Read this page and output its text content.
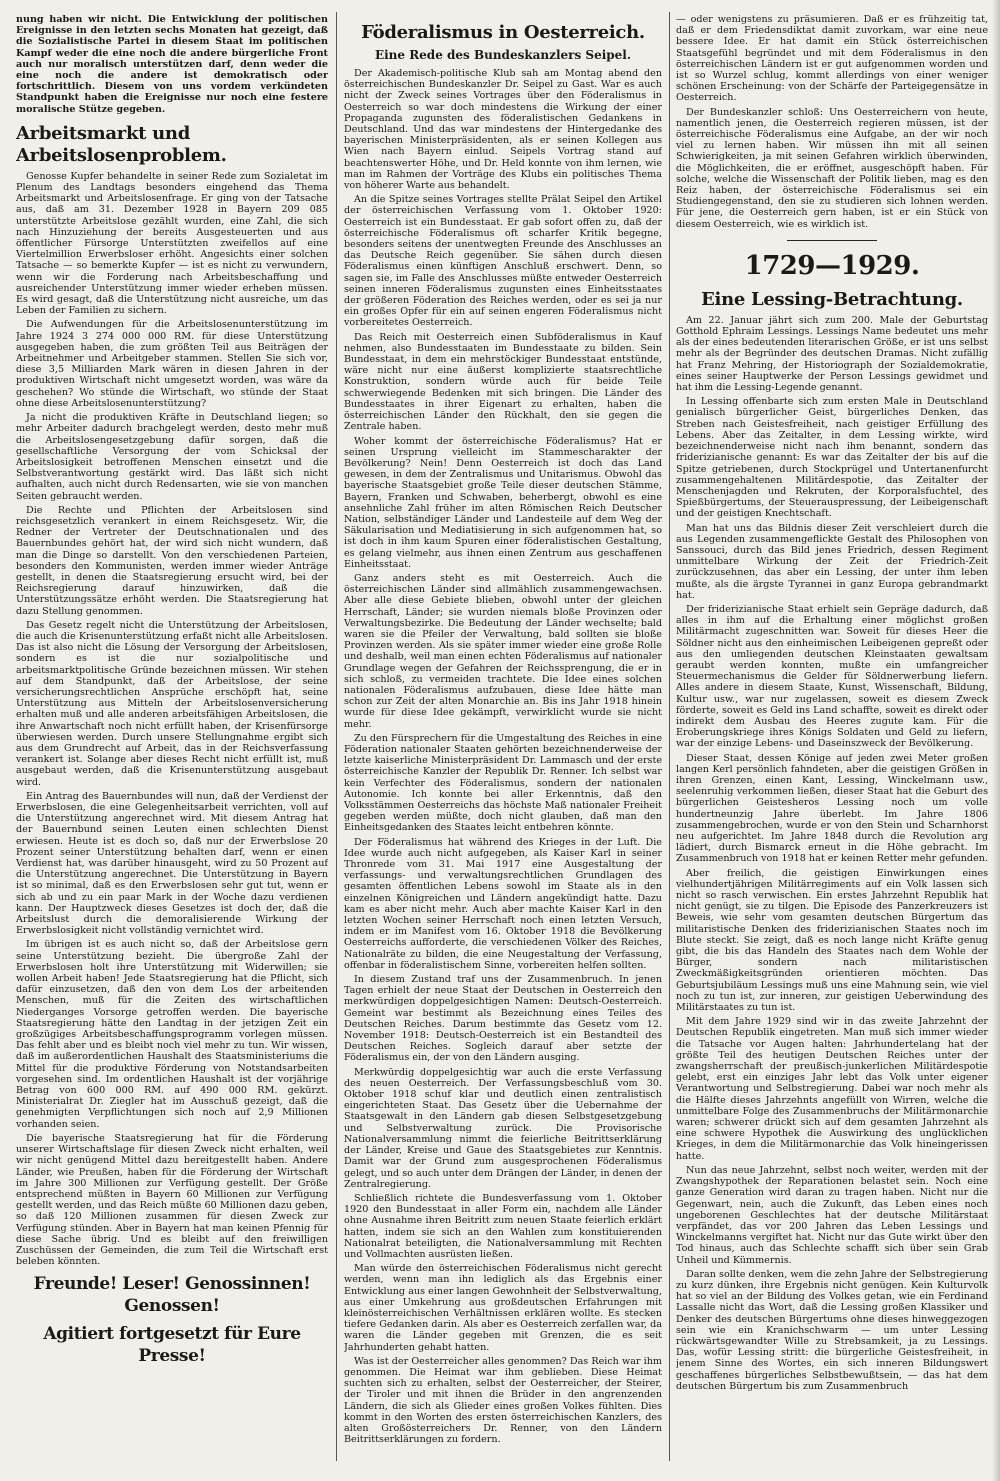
nung haben wir nicht. Die Entwicklung der politischen Ereignisse in den letzten sechs Monaten hat gezeigt, daß die Sozialistische Partei in diesem Staat im politischen Kampf weder die eine noch die andere bürgerliche Front auch nur moralisch unterstützen darf, denn weder die eine noch die andere ist demokratisch oder fortschrittlich. Diesem von uns vordem verkündeten Standpunkt haben die Ereignisse nur noch eine festere moralische Stütze gegeben.

Arbeitsmarkt und Arbeitslosenproblem.

Genosse Kupfer behandelte in seiner Rede zum Sozialetat im Plenum des Landtags besonders eingehend das Thema Arbeitsmarkt und Arbeitslosenfrage. Er ging von der Tatsache aus, daß am 31. Dezember 1928 in Bayern 209 085 unterstützte Arbeitslose gezählt wurden, eine Zahl, die sich nach Hinzuziehung der bereits Ausgesteuerten und aus öffentlicher Fürsorge Unterstützten zweifellos auf eine Viertelmillion Erwerbsloser erhöht. Angesichts einer solchen Tatsache — so bemerkte Kupfer — ist es nicht zu verwundern, wenn wir die Forderung nach Arbeitsbeschaffung und ausreichender Unterstützung immer wieder erheben müssen. Es wird gesagt, daß die Unterstützung nicht ausreiche, um das Leben der Familien zu sichern.

Die Aufwendungen für die Arbeitslosenunterstützung im Jahre 1924 3 274 000 000 RM. für diese Unterstützung ausgegeben haben, die zum größten Teil aus Beiträgen der Arbeitnehmer und Arbeitgeber stammen. Stellen Sie sich vor, diese 3,5 Milliarden Mark wären in diesen Jahren in der produktiven Wirtschaft nicht umgesetzt worden, was wäre da geschehen? Wo stünde die Wirtschaft, wo stünde der Staat ohne diese Arbeitslosenunterstützung?

Ja nicht die produktiven Kräfte in Deutschland liegen; so mehr Arbeiter dadurch brachgelegt werden, desto mehr muß die Arbeitslosengesetzgebung dafür sorgen, daß die gesellschaftliche Versorgung der vom Schicksal der Arbeitslosigkeit betroffenen Menschen einsetzt und die Selbstverantwortung gestärkt wird. Das läßt sich nicht aufhalten, auch nicht durch Redensarten, wie sie von manchen Seiten gebraucht werden.

Die Rechte und Pflichten der Arbeitslosen sind reichsgesetzlich verankert in einem Reichsgesetz. Wir, die Redner der Vertreter der Deutschnationalen und des Bauernbundes gehört hat, der wird sich nicht wundern, daß man die Dinge so darstellt. Von den verschiedenen Parteien, besonders den Kommunisten, werden immer wieder Anträge gestellt, in denen die Staatsregierung ersucht wird, bei der Reichsregierung darauf hinzuwirken, daß die Unterstützungssätze erhöht werden. Die Staatsregierung hat dazu Stellung genommen.

Das Gesetz regelt nicht die Unterstützung der Arbeitslosen, die auch die Krisenunterstützung erfaßt nicht alle Arbeitslosen. Das ist also nicht die Lösung der Versorgung der Arbeitslosen, sondern es ist die nur sozialpolitische und arbeitsmarktpolitische Gründe bezeichnen müssen. Wir stehen auf dem Standpunkt, daß der Arbeitslose, der seine versicherungsrechtlichen Ansprüche erschöpft hat, seine Unterstützung aus Mitteln der Arbeitslosenversicherung erhalten muß und alle anderen arbeitsfähigen Arbeitslosen, die ihre Anwartschaft noch nicht erfüllt haben, der Krisenfürsorge überwiesen werden. Durch unsere Stellungnahme ergibt sich aus dem Grundrecht auf Arbeit, das in der Reichsverfassung verankert ist. Solange aber dieses Recht nicht erfüllt ist, muß ausgebaut werden, daß die Krisenunterstützung ausgebaut wird.

Ein Antrag des Bauernbundes will nun, daß der Verdienst der Erwerbslosen, die eine Gelegenheitsarbeit verrichten, voll auf die Unterstützung angerechnet wird. Mit diesem Antrag hat der Bauernbund seinen Leuten einen schlechten Dienst erwiesen. Heute ist es doch so, daß nur der Erwerbslose 20 Prozent seiner Unterstützung behalten darf, wenn er einen Verdienst hat, was darüber hinausgeht, wird zu 50 Prozent auf die Unterstützung angerechnet. Die Unterstützung in Bayern ist so minimal, daß es den Erwerbslosen sehr gut tut, wenn er sich ab und zu ein paar Mark in der Woche dazu verdienen kann. Der Hauptzweck dieses Gesetzes ist doch der, daß die Arbeitslust durch die demoralisierende Wirkung der Erwerbslosigkeit nicht vollständig vernichtet wird.

Im übrigen ist es auch nicht so, daß der Arbeitslose gern seine Unterstützung bezieht. Die übergroße Zahl der Erwerbslosen holt ihre Unterstützung mit Widerwillen; sie wollen Arbeit haben! Jede Staatsregierung hat die Pflicht, sich dafür einzusetzen, daß den von dem Los der arbeitenden Menschen, muß für die Zeiten des wirtschaftlichen Niederganges Vorsorge getroffen werden. Die bayerische Staatsregierung hätte den Landtag in der jetzigen Zeit ein großzügiges Arbeitsbeschaffungsprogramm vorlegen müssen. Das fehlt aber und es bleibt noch viel mehr zu tun. Wir wissen, daß im außerordentlichen Haushalt des Staatsministeriums die Mittel für die produktive Förderung von Notstandsarbeiten vorgesehen sind. Im ordentlichen Haushalt ist der vorjährige Betrag von 600 000 RM. auf 490 000 RM. gekürzt. Ministerialrat Dr. Ziegler hat im Ausschuß gezeigt, daß die genehmigten Verpflichtungen sich noch auf 2,9 Millionen vorhanden seien.

Die bayerische Staatsregierung hat für die Förderung unserer Wirtschaftslage für diesen Zweck nicht erhalten, weil wir nicht genügend Mittel dazu bereitgestellt haben. Andere Länder, wie Preußen, haben für die Förderung der Wirtschaft im Jahre 300 Millionen zur Verfügung gestellt. Der Größe entsprechend müßten in Bayern 60 Millionen zur Verfügung gestellt werden, und das Reich müßte 60 Millionen dazu geben, so daß 120 Millionen zusammen für diesen Zweck zur Verfügung stünden. Aber in Bayern hat man keinen Pfennig für diese Sache übrig. Und es bleibt auf den freiwilligen Zuschüssen der Gemeinden, die zum Teil die Wirtschaft erst beleben könnten.

Freunde! Leser! Genossinnen! Genossen!
Agitiert fortgesetzt für Eure Presse!
Föderalismus in Oesterreich.
Eine Rede des Bundeskanzlers Seipel.

Der Akademisch-politische Klub sah am Montag abend den österreichischen Bundeskanzler Dr. Seipel zu Gast. War es auch nicht der Zweck seines Vortrages über den Föderalismus in Oesterreich so war doch mindestens die Wirkung der einer Propaganda zugunsten des föderalistischen Gedankens in Deutschland. Und das war mindestens der Hintergedanke des bayerischen Ministerpräsidenten, als er seinen Kollegen aus Wien nach Bayern einlud. Seipels Vortrag stand auf beachtenswerter Höhe, und Dr. Held konnte von ihm lernen, wie man im Rahmen der Vorträge des Klubs ein politisches Thema von höherer Warte aus behandelt.

An die Spitze seines Vortrages stellte Prälat Seipel den Artikel der österreichischen Verfassung vom 1. Oktober 1920: Oesterreich ist ein Bundesstaat. Er gab sofort offen zu, daß der österreichische Föderalismus oft scharfer Kritik begegne, besonders seitens der unentwegten Freunde des Anschlusses an das Deutsche Reich gegenüber. Sie sähen durch diesen Föderalismus einen künftigen Anschluß erschwert. Denn, so sagen sie, im Falle des Anschlusses müßte entweder Oesterreich seinen inneren Föderalismus zugunsten eines Einheitsstaates der größeren Föderation des Reiches werden, oder es sei ja nur ein großes Opfer für ein auf seinen engeren Föderalismus nicht vorbereitetes Oesterreich.

Das Reich mit Oesterreich einen Subföderalismus in Kauf nehmen, also Bundesstaaten im Bundesstaate zu bilden. Sein Bundesstaat, in dem ein mehrstöckiger Bundesstaat entstünde, wäre nicht nur eine äußerst komplizierte staatsrechtliche Konstruktion, sondern würde auch für beide Teile schwerwiegende Bedenken mit sich bringen. Die Länder des Bundesstaates in ihrer Eigenart zu erhalten, haben die österreichischen Länder den Rückhalt, den sie gegen die Zentrale haben.

Woher kommt der österreichische Föderalismus? Hat er seinen Ursprung vielleicht im Stammescharakter der Bevölkerung? Nein! Denn Oesterreich ist doch das Land gewesen, in dem der Zentralismus und Unitarismus. Obwohl das bayerische Staatsgebiet große Teile dieser deutschen Stämme, Bayern, Franken und Schwaben, beherbergt, obwohl es eine ansehnliche Zahl früher im alten Römischen Reich Deutscher Nation, selbständiger Länder und Landesteile auf dem Weg der Säkularisation und Mediatisierung in sich aufgenommen hat, so ist doch in ihm kaum Spuren einer föderalistischen Gestaltung, es gelang vielmehr, aus ihnen einen Zentrum aus geschaffenen Einheitsstaat.

Ganz anders steht es mit Oesterreich. Auch die österreichischen Länder sind allmählich zusammengewachsen. Aber alle diese Gebiete blieben, obwohl unter der gleichen Herrschaft, Länder; sie wurden niemals bloße Provinzen oder Verwaltungsbezirke. Die Bedeutung der Länder wechselte; bald waren sie die Pfeiler der Verwaltung, bald sollten sie bloße Provinzen werden. Als sie später immer wieder eine große Rolle und deshalb, weil man einen echten Föderalismus auf nationaler Grundlage wegen der Gefahren der Reichssprengung, die er in sich schloß, zu vermeiden trachtete. Die Idee eines solchen nationalen Föderalismus aufzubauen, diese Idee hätte man schon zur Zeit der alten Monarchie an. Bis ins Jahr 1918 hinein wurde für diese Idee gekämpft, verwirklicht wurde sie nicht mehr.

Zu den Fürsprechern für die Umgestaltung des Reiches in eine Föderation nationaler Staaten gehörten bezeichnenderweise der letzte kaiserliche Ministerpräsident Dr. Lammasch und der erste österreichische Kanzler der Republik Dr. Renner. Ich selbst war kein Verfechter des Föderalismus, sondern der nationalen Autonomie. Ich konnte bei aller Erkenntnis, daß den Volksstämmen Oesterreichs das höchste Maß nationaler Freiheit gegeben werden müßte, doch nicht glauben, daß man den Einheitsgedanken des Staates leicht entbehren könnte.

Der Föderalismus hat während des Krieges in der Luft. Die Idee wurde auch nicht aufgegeben, als Kaiser Karl in seiner Thronrede vom 31. Mai 1917 eine Ausgestaltung der verfassungs- und verwaltungsrechtlichen Grundlagen des gesamten öffentlichen Lebens sowohl im Staate als in den einzelnen Königreichen und Ländern angekündigt hatte. Dazu kam es aber nicht mehr. Auch aber machte Kaiser Karl in den letzten Wochen seiner Herrschaft noch einen letzten Versuch, indem er im Manifest vom 16. Oktober 1918 die Bevölkerung Oesterreichs aufforderte, die verschiedenen Völker des Reiches, Nationalräte zu bilden, die eine Neugestaltung der Verfassung, offenbar in föderalistischem Sinne, vorbereiten helfen sollten.

In diesem Zustand traf uns der Zusammenbruch. In jenen Tagen erhielt der neue Staat der Deutschen in Oesterreich den merkwürdigen doppelgesichtigen Namen: Deutsch-Oesterreich. Gemeint war bestimmt als Bezeichnung eines Teiles des Deutschen Reiches. Darum bestimmte das Gesetz vom 12. November 1918: Deutsch-Oesterreich ist ein Bestandteil des Deutschen Reiches. Sogleich darauf aber setzte der Föderalismus ein, der von den Ländern ausging.

Merkwürdig doppelgesichtig war auch die erste Verfassung des neuen Oesterreich. Der Verfassungsbeschluß vom 30. Oktober 1918 schuf klar und deutlich einen zentralistisch eingerichteten Staat. Das Gesetz über die Uebernahme der Staatsgewalt in den Ländern gab diesen Selbstgesetzgebung und Selbstverwaltung zurück. Die Provisorische Nationalversammlung nimmt die feierliche Beitrittserklärung der Länder, Kreise und Gaue des Staatsgebietes zur Kenntnis. Damit war der Grund zum ausgesprochenen Föderalismus gelegt, und so auch unter dem Drängen der Länder, in denen der Zentralregierung.

Schließlich richtete die Bundesverfassung vom 1. Oktober 1920 den Bundesstaat in aller Form ein, nachdem alle Länder ohne Ausnahme ihren Beitritt zum neuen Staate feierlich erklärt hatten, indem sie sich an den Wahlen zum konstituierenden Nationalrat beteiligten, die Nationalversammlung mit Rechten und Vollmachten ausrüsten ließen.

Man würde den österreichischen Föderalismus nicht gerecht werden, wenn man ihn lediglich als das Ergebnis einer Entwicklung aus einer langen Gewohnheit der Selbstverwaltung, aus einer Umkehrung aus großdeutschen Erfahrungen mit kleinösterreichischen Verhältnissen erklären wollte. Es stecken tiefere Gedanken darin. Als aber es Oesterreich zerfallen war, da waren die Länder gegeben mit Grenzen, die es seit Jahrhunderten gehabt hatten.

Was ist der Oesterreicher alles genommen? Das Reich war ihm genommen. Die Heimat war ihm geblieben. Diese Heimat suchten sich zu erhalten, selbst der Oesterreicher, der Steirer, der Tiroler und mit ihnen die Brüder in den angrenzenden Ländern, die sich als Glieder eines großen Volkes fühlten. Dies kommt in den Worten des ersten österreichischen Kanzlers, des alten Großösterreichers Dr. Renner, von den Ländern Beitrittserklärungen zu fordern.

— oder wenigstens zu präsumieren. Daß er es frühzeitig tat, daß er dem Friedensdiktat damit zuvorkam, war eine neue bessere Idee. Er hat damit ein Stück österreichischen Staatsgefühl begründet und mit dem Föderalismus in den österreichischen Ländern ist er gut aufgenommen worden und ist so Wurzel schlug, kommt allerdings von einer weniger schönen Erscheinung: von der Schärfe der Parteigegensätze in Oesterreich.

Der Bundeskanzler schloß: Uns Oesterreichern von heute, namentlich jenen, die Oesterreich regieren müssen, ist der österreichische Föderalismus eine Aufgabe, an der wir noch viel zu lernen haben. Wir müssen ihn mit all seinen Schwierigkeiten, ja mit seinen Gefahren wirklich überwinden, die Möglichkeiten, die er eröffnet, ausgeschöpft haben. Für solche, welche die Wissenschaft der Politik lieben, mag es den Reiz haben, der österreichische Föderalismus sei ein Studiengegenstand, den sie zu studieren sich lohnen werden. Für jene, die Oesterreich gern haben, ist er ein Stück von diesem Oesterreich, wie es wirklich ist.

1729—1929.
Eine Lessing-Betrachtung.

Am 22. Januar jährt sich zum 200. Male der Geburtstag Gotthold Ephraim Lessings. Lessings Name bedeutet uns mehr als der eines bedeutenden literarischen Größe, er ist uns selbst mehr als der Begründer des deutschen Dramas. Nicht zufällig hat Franz Mehring, der Historiograph der Sozialdemokratie, eines seiner Hauptwerke der Person Lessings gewidmet und hat ihm die Lessing-Legende genannt.

In Lessing offenbarte sich zum ersten Male in Deutschland genialisch bürgerlicher Geist, bürgerliches Denken, das Streben nach Geistesfreiheit, nach geistiger Erfüllung des Lebens. Aber das Zeitalter, in dem Lessing wirkte, wird bezeichnenderweise nicht nach ihm benannt, sondern das friderizianische genannt: Es war das Zeitalter der bis auf die Spitze getriebenen, durch Stockprügel und Untertanenfurcht zusammengehaltenen Militärdespotie, das Zeitalter der Menschenjagden und Rekruten, der Korporalsfuchtel, des Spießbürgertums, der Steuerauspressung, der Leibeigenschaft und der geistigen Knechtschaft.

Man hat uns das Bildnis dieser Zeit verschleiert durch die aus Legenden zusammengeflickte Gestalt des Philosophen von Sanssouci, durch das Bild jenes Friedrich, dessen Regiment unmittelbare Wirkung der Zeit der Friedrich-Zeit zurückzusehnen, das aber ein Lessing, der unter ihm leben mußte, als die ärgste Tyrannei in ganz Europa gebrandmarkt hat.

Der friderizianische Staat erhielt sein Gepräge dadurch, daß alles in ihm auf die Erhaltung einer möglichst großen Militärmacht zugeschnitten war. Soweit für dieses Heer die Söldner nicht aus den einheimischen Leibeigenen gepreßt oder aus den umliegenden deutschen Kleinstaaten gewaltsam geraubt werden konnten, mußte ein umfangreicher Steuermechanismus die Gelder für Söldnerwerbung liefern. Alles andere in diesem Staate, Kunst, Wissenschaft, Bildung, Kultur usw., war nur zugelassen, soweit es diesem Zweck förderte, soweit es Geld ins Land schaffte, soweit es direkt oder indirekt dem Ausbau des Heeres zugute kam. Für die Eroberungskriege ihres Königs Soldaten und Geld zu liefern, war der einzige Lebens- und Daseinszweck der Bevölkerung.

Dieser Staat, dessen Könige auf jeden zwei Meter großen langen Kerl persönlich fahndeten, aber die geistigen Größen in ihren Grenzen, einen Kant, Lessing, Winckelmann usw., seelenruhig verkommen ließen, dieser Staat hat die Geburt des bürgerlichen Geistesheros Lessing noch um volle hundertneunzig Jahre überlebt. Im Jahre 1806 zusammengebrochen, wurde er von den Stein und Scharnhorst neu aufgerichtet. Im Jahre 1848 durch die Revolution arg lädiert, durch Bismarck erneut in die Höhe gebracht. Im Zusammenbruch von 1918 hat er keinen Retter mehr gefunden.

Aber freilich, die geistigen Einwirkungen eines vielhundertjährigen Militärregiments auf ein Volk lassen sich nicht so rasch verwischen. Ein erstes Jahrzehnt Republik hat nicht genügt, sie zu tilgen. Die Episode des Panzerkreuzers ist Beweis, wie sehr vom gesamten deutschen Bürgertum das militaristische Denken des friderizianischen Staates noch im Blute steckt. Sie zeigt, daß es noch lange nicht Kräfte genug gibt, die bis das Handeln des Staates nach dem Wohle der Bürger, sondern nach militaristischen Zweckmäßigkeitsgründen orientieren möchten. Das Geburtsjubiläum Lessings muß uns eine Mahnung sein, wie viel noch zu tun ist, zur inneren, zur geistigen Ueberwindung des Militärstaates zu tun ist.

Mit dem Jahre 1929 sind wir in das zweite Jahrzehnt der Deutschen Republik eingetreten. Man muß sich immer wieder die Tatsache vor Augen halten: Jahrhundertelang hat der größte Teil des heutigen Deutschen Reiches unter der zwangsherrschaft der preußisch-junkerlichen Militärdespotie gelebt, erst ein einziges Jahr lebt das Volk unter eigener Verantwortung und Selbstregierung. Dabei war noch mehr als die Hälfte dieses Jahrzehnts angefüllt von Wirren, welche die unmittelbare Folge des Zusammenbruchs der Militärmonarchie waren; schwerer drückt sich auf dem gesamten Jahrzehnt als eine schwere Hypothek die Auswirkung des unglücklichen Krieges, in dem die Militärmonarchie das Volk hineingerissen hatte.

Nun das neue Jahrzehnt, selbst noch weiter, werden mit der Zwangshypothek der Reparationen belastet sein. Noch eine ganze Generation wird daran zu tragen haben. Nicht nur die Gegenwart, nein, auch die Zukunft, das Leben eines noch ungeborenen Geschlechtes hat der deutsche Militärstaat verpfändet, das vor 200 Jahren das Leben Lessings und Winckelmanns vergiftet hat. Nicht nur das Gute wirkt über den Tod hinaus, auch das Schlechte schafft sich über sein Grab Unheil und Kümmernis.

Daran sollte denken, wem die zehn Jahre der Selbstregierung zu kurz dünken, ihre Ergebnis nicht genügen. Kein Kulturvolk hat so viel an der Bildung des Volkes getan, wie ein Ferdinand Lassalle nicht das Wort, daß die Lessing großen Klassiker und Denker des deutschen Bürgertums ohne dieses hinweggezogen sein wie ein Kranichschwarm — um unter Lessing rückwärtsgewandter Wille zu Strebsamkeit, ja zu Lessings. Das, wofür Lessing stritt: die bürgerliche Geistesfreiheit, in jenem Sinne des Wortes, ein sich inneren Bildungswert geschaffenes bürgerliches Selbstbewußtsein, — das hat dem deutschen Bürgertum bis zum Zusammenbruch
